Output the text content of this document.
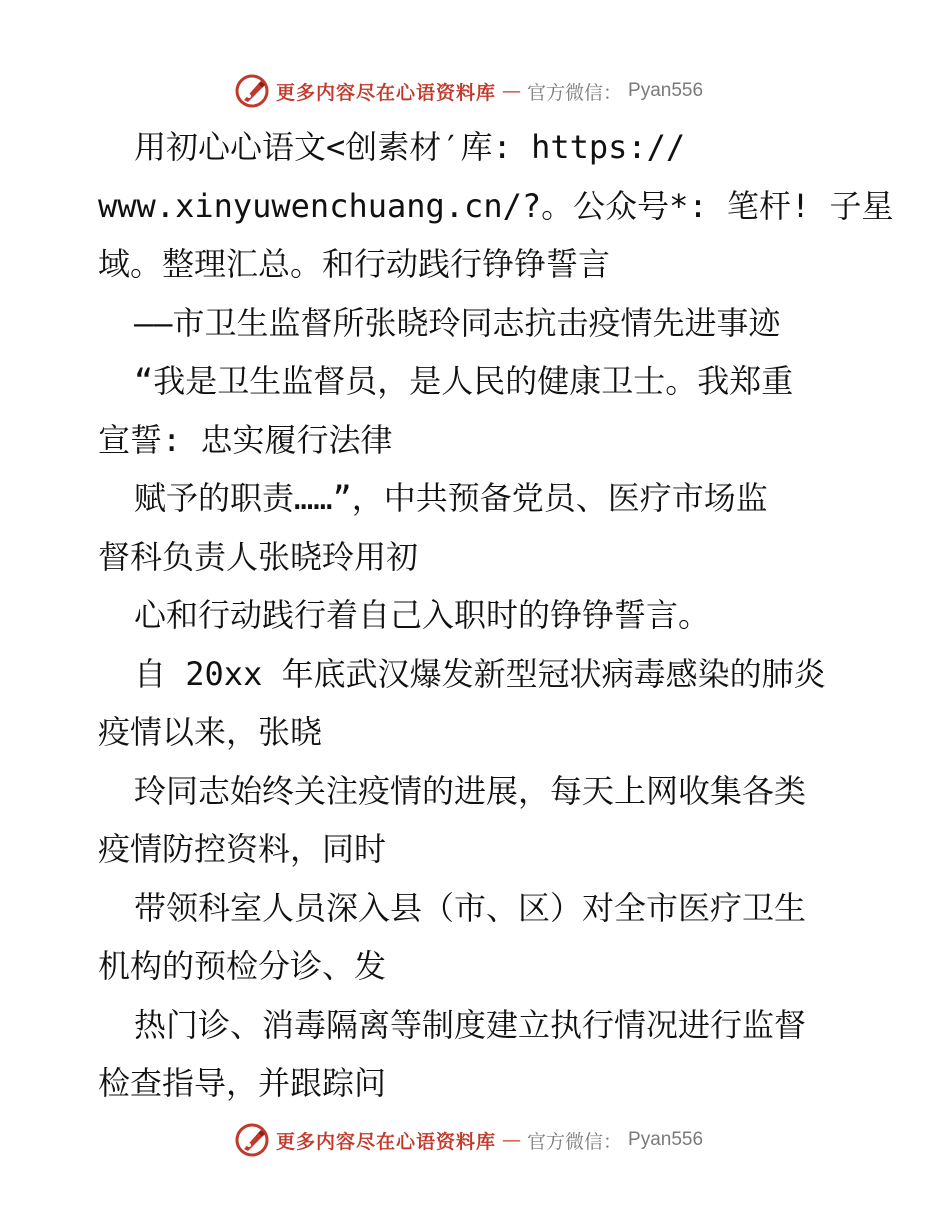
更多内容尽在心语资料库 — 官方微信： Pyan556
用初心心语文<创素材′库: https://
www.xinyuwenchuang.cn/?。公众号*: 笔杆! 子星
域。整理汇总。和行动践行铮铮誓言
——市卫生监督所张晓玲同志抗击疫情先进事迹
“我是卫生监督员，是人民的健康卫士。我郑重
宣誓: 忠实履行法律
赋予的职责……”，中共预备党员、医疗市场监
督科负责人张晓玲用初
心和行动践行着自己入职时的铮铮誓言。
自 20xx 年底武汉爆发新型冠状病毒感染的肺炎
疫情以来，张晓
玲同志始终关注疫情的进展，每天上网收集各类
疫情防控资料，同时
带领科室人员深入县（市、区）对全市医疗卫生
机构的预检分诊、发
热门诊、消毒隔离等制度建立执行情况进行监督
检查指导，并跟踪问
更多内容尽在心语资料库 — 官方微信： Pyan556
